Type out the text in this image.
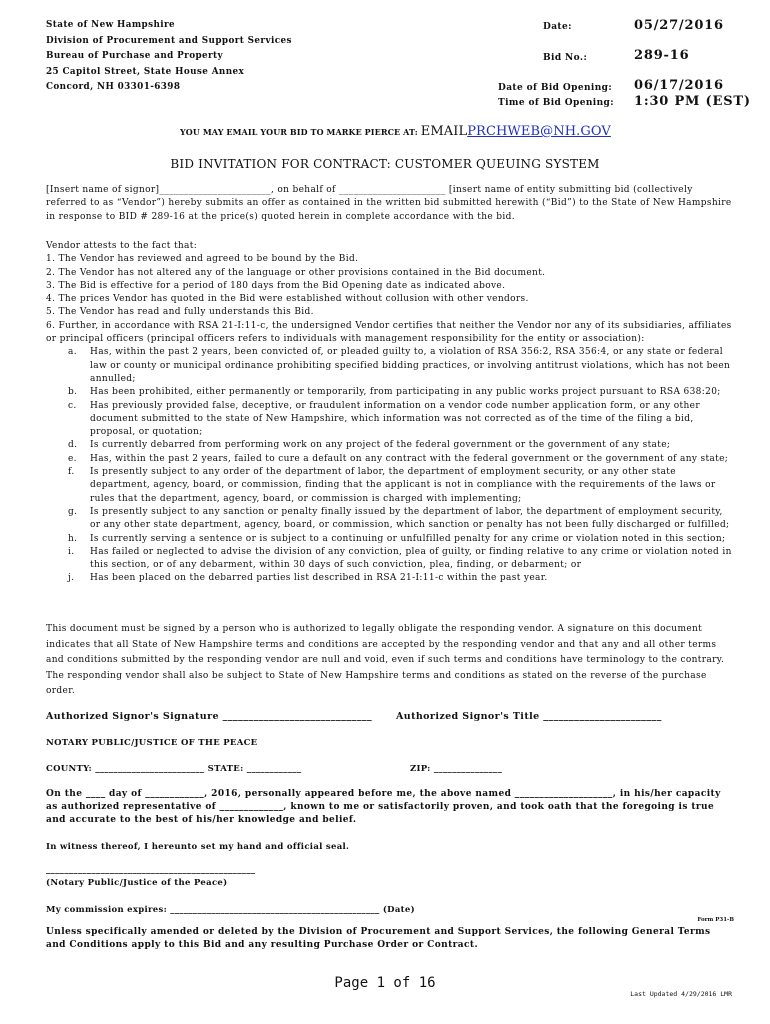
State of New Hampshire
Division of Procurement and Support Services
Bureau of Purchase and Property
25 Capitol Street, State House Annex
Concord, NH 03301-6398
Date:	05/27/2016
Bid No.:	289-16
Date of Bid Opening: 06/17/2016
Time of Bid Opening: 1:30 PM (EST)
YOU MAY EMAIL YOUR BID TO MARKE PIERCE AT: EMAILPRCHWEB@NH.GOV
BID INVITATION FOR CONTRACT: CUSTOMER QUEUING SYSTEM
[Insert name of signor]_______________________, on behalf of ______________________ [insert name of entity submitting bid (collectively referred to as “Vendor”) hereby submits an offer as contained in the written bid submitted herewith (“Bid”) to the State of New Hampshire in response to BID # 289-16 at the price(s) quoted herein in complete accordance with the bid.
Vendor attests to the fact that:
1. The Vendor has reviewed and agreed to be bound by the Bid.
2. The Vendor has not altered any of the language or other provisions contained in the Bid document.
3. The Bid is effective for a period of 180 days from the Bid Opening date as indicated above.
4. The prices Vendor has quoted in the Bid were established without collusion with other vendors.
5. The Vendor has read and fully understands this Bid.
6. Further, in accordance with RSA 21-I:11-c, the undersigned Vendor certifies that neither the Vendor nor any of its subsidiaries, affiliates or principal officers (principal officers refers to individuals with management responsibility for the entity or association):
a. Has, within the past 2 years, been convicted of, or pleaded guilty to, a violation of RSA 356:2, RSA 356:4, or any state or federal law or county or municipal ordinance prohibiting specified bidding practices, or involving antitrust violations, which has not been annulled;
b. Has been prohibited, either permanently or temporarily, from participating in any public works project pursuant to RSA 638:20;
c. Has previously provided false, deceptive, or fraudulent information on a vendor code number application form, or any other document submitted to the state of New Hampshire, which information was not corrected as of the time of the filing a bid, proposal, or quotation;
d. Is currently debarred from performing work on any project of the federal government or the government of any state;
e. Has, within the past 2 years, failed to cure a default on any contract with the federal government or the government of any state;
f. Is presently subject to any order of the department of labor, the department of employment security, or any other state department, agency, board, or commission, finding that the applicant is not in compliance with the requirements of the laws or rules that the department, agency, board, or commission is charged with implementing;
g. Is presently subject to any sanction or penalty finally issued by the department of labor, the department of employment security, or any other state department, agency, board, or commission, which sanction or penalty has not been fully discharged or fulfilled;
h. Is currently serving a sentence or is subject to a continuing or unfulfilled penalty for any crime or violation noted in this section;
i. Has failed or neglected to advise the division of any conviction, plea of guilty, or finding relative to any crime or violation noted in this section, or of any debarment, within 30 days of such conviction, plea, finding, or debarment; or
j. Has been placed on the debarred parties list described in RSA 21-I:11-c within the past year.
This document must be signed by a person who is authorized to legally obligate the responding vendor. A signature on this document indicates that all State of New Hampshire terms and conditions are accepted by the responding vendor and that any and all other terms and conditions submitted by the responding vendor are null and void, even if such terms and conditions have terminology to the contrary. The responding vendor shall also be subject to State of New Hampshire terms and conditions as stated on the reverse of the purchase order.
Authorized Signor's Signature _____________________________	Authorized Signor's Title _______________________
NOTARY PUBLIC/JUSTICE OF THE PEACE
COUNTY: ________________________ STATE: ____________	ZIP: _______________
On the ____ day of ____________, 2016, personally appeared before me, the above named ____________________, in his/her capacity as authorized representative of _____________, known to me or satisfactorily proven, and took oath that the foregoing is true and accurate to the best of his/her knowledge and belief.
In witness thereof, I hereunto set my hand and official seal.
______________________________________________
(Notary Public/Justice of the Peace)
My commission expires: ______________________________________________ (Date)
Form P31-B
Unless specifically amended or deleted by the Division of Procurement and Support Services, the following General Terms and Conditions apply to this Bid and any resulting Purchase Order or Contract.
Page 1 of 16
Last Updated 4/29/2016 LMR
